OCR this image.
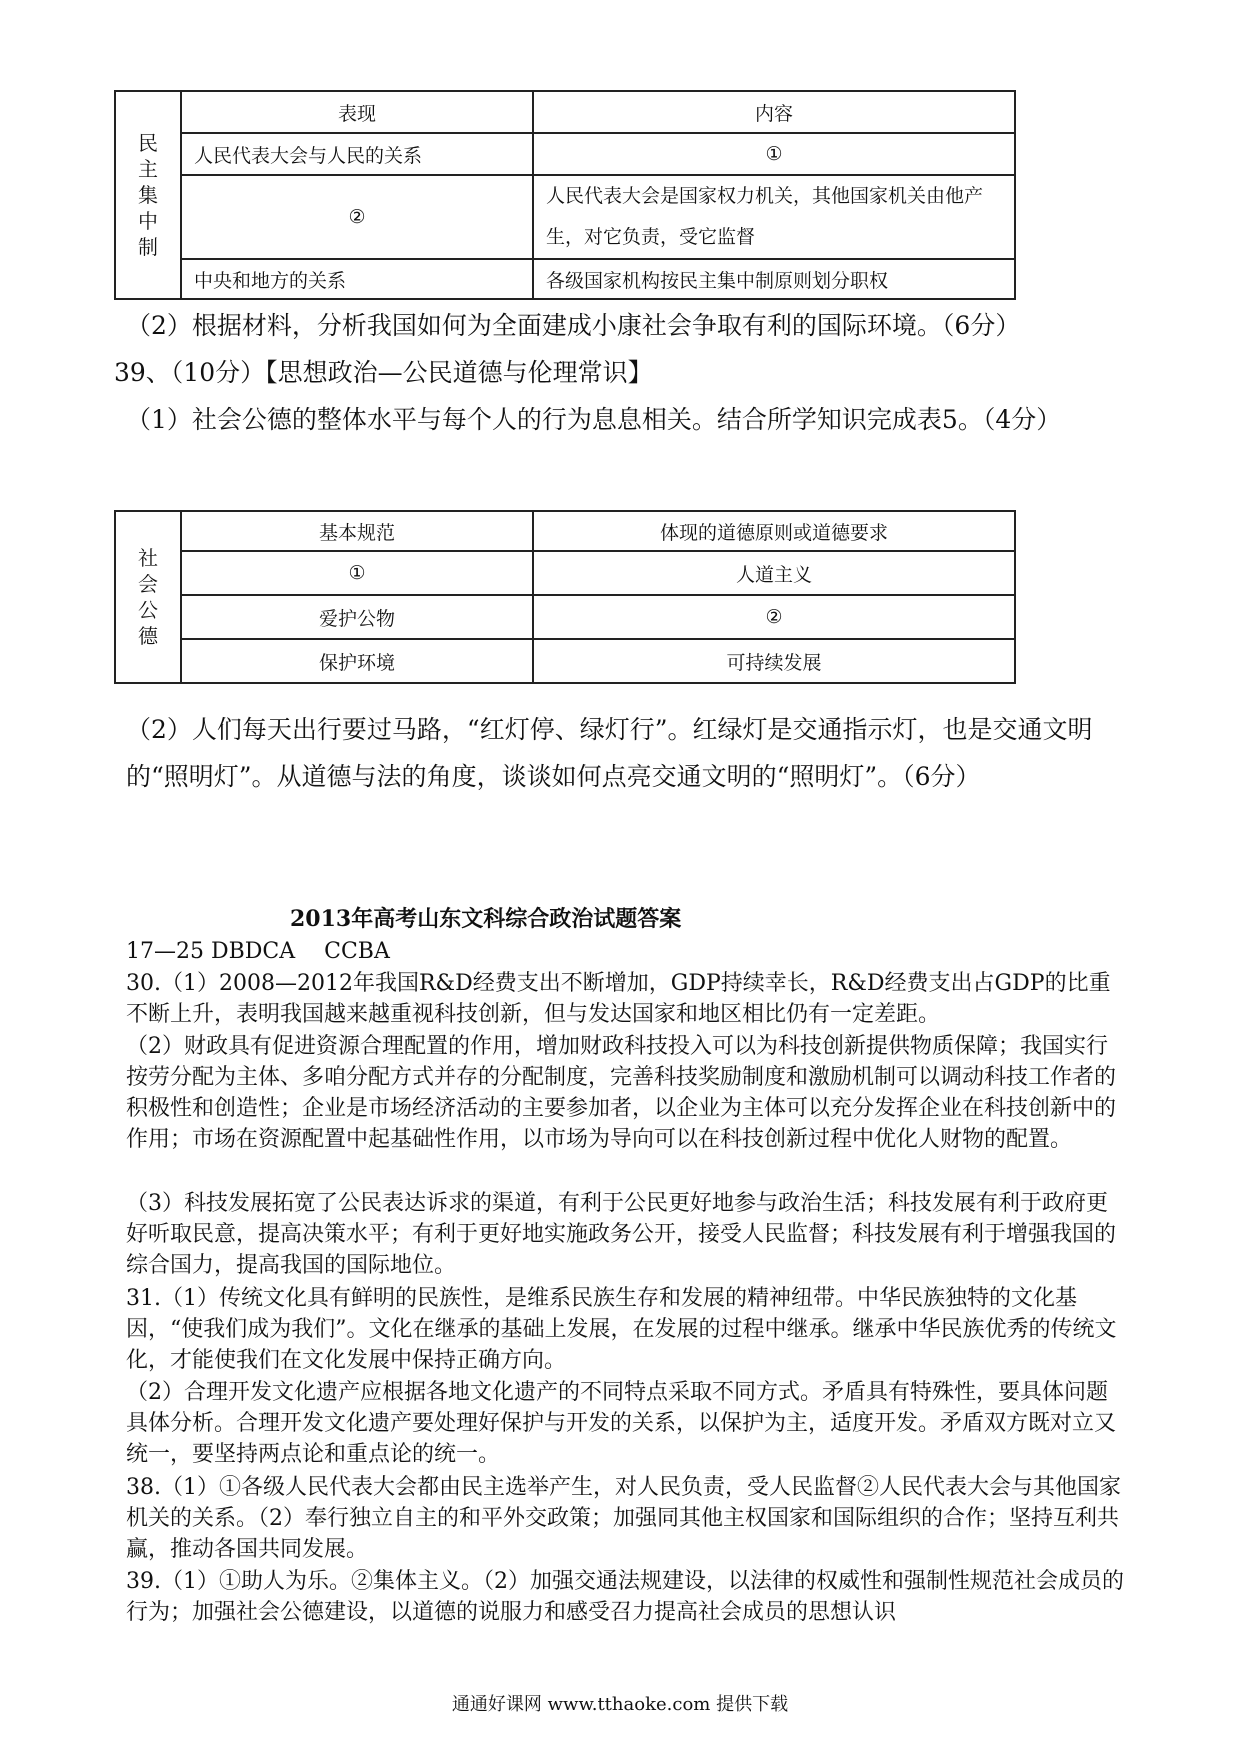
民主集中制	表现	内容
	人民代表大会与人民的关系	①
	②	人民代表大会是国家权力机关，其他国家机关由他产生，对它负责，受它监督

	中央和地方的关系	各级国家机构按民主集中制原则划分职权

（2）根据材料，分析我国如何为全面建成小康社会争取有利的国际环境。（6分）

39、（10分）【思想政治—公民道德与伦理常识】

（1）社会公德的整体水平与每个人的行为息息相关。结合所学知识完成表5。（4分）

社会公德	基本规范	体现的道德原则或道德要求
	①	人道主义
	爱护公物	②
	保护环境	可持续发展

（2）人们每天出行要过马路，“红灯停、绿灯行”。红绿灯是交通指示灯，也是交通文明的“照明灯”。从道德与法的角度，谈谈如何点亮交通文明的“照明灯”。（6分）

2013年高考山东文科综合政治试题答案

17—25 DBDCA　 CCBA

30.（1）2008—2012年我国R&D经费支出不断增加，GDP持续幸长，R&D经费支出占GDP的比重不断上升，表明我国越来越重视科技创新，但与发达国家和地区相比仍有一定差距。

（2）财政具有促进资源合理配置的作用，增加财政科技投入可以为科技创新提供物质保障；我国实行按劳分配为主体、多咱分配方式并存的分配制度，完善科技奖励制度和激励机制可以调动科技工作者的积极性和创造性；企业是市场经济活动的主要参加者，以企业为主体可以充分发挥企业在科技创新中的作用；市场在资源配置中起基础性作用，以市场为导向可以在科技创新过程中优化人财物的配置。

（3）科技发展拓宽了公民表达诉求的渠道，有利于公民更好地参与政治生活；科技发展有利于政府更好听取民意，提高决策水平；有利于更好地实施政务公开，接受人民监督；科技发展有利于增强我国的综合国力，提高我国的国际地位。

31.（1）传统文化具有鲜明的民族性，是维系民族生存和发展的精神纽带。中华民族独特的文化基因，“使我们成为我们”。文化在继承的基础上发展，在发展的过程中继承。继承中华民族优秀的传统文化，才能使我们在文化发展中保持正确方向。

（2）合理开发文化遗产应根据各地文化遗产的不同特点采取不同方式。矛盾具有特殊性，要具体问题具体分析。合理开发文化遗产要处理好保护与开发的关系，以保护为主，适度开发。矛盾双方既对立又统一，要坚持两点论和重点论的统一。

38.（1）①各级人民代表大会都由民主选举产生，对人民负责，受人民监督②人民代表大会与其他国家机关的关系。（2）奉行独立自主的和平外交政策；加强同其他主权国家和国际组织的合作；坚持互利共赢，推动各国共同发展。

39.（1）①助人为乐。②集体主义。（2）加强交通法规建设，以法律的权威性和强制性规范社会成员的行为；加强社会公德建设，以道德的说服力和感受召力提高社会成员的思想认识

通通好课网 www.tthaoke.com 提供下载
